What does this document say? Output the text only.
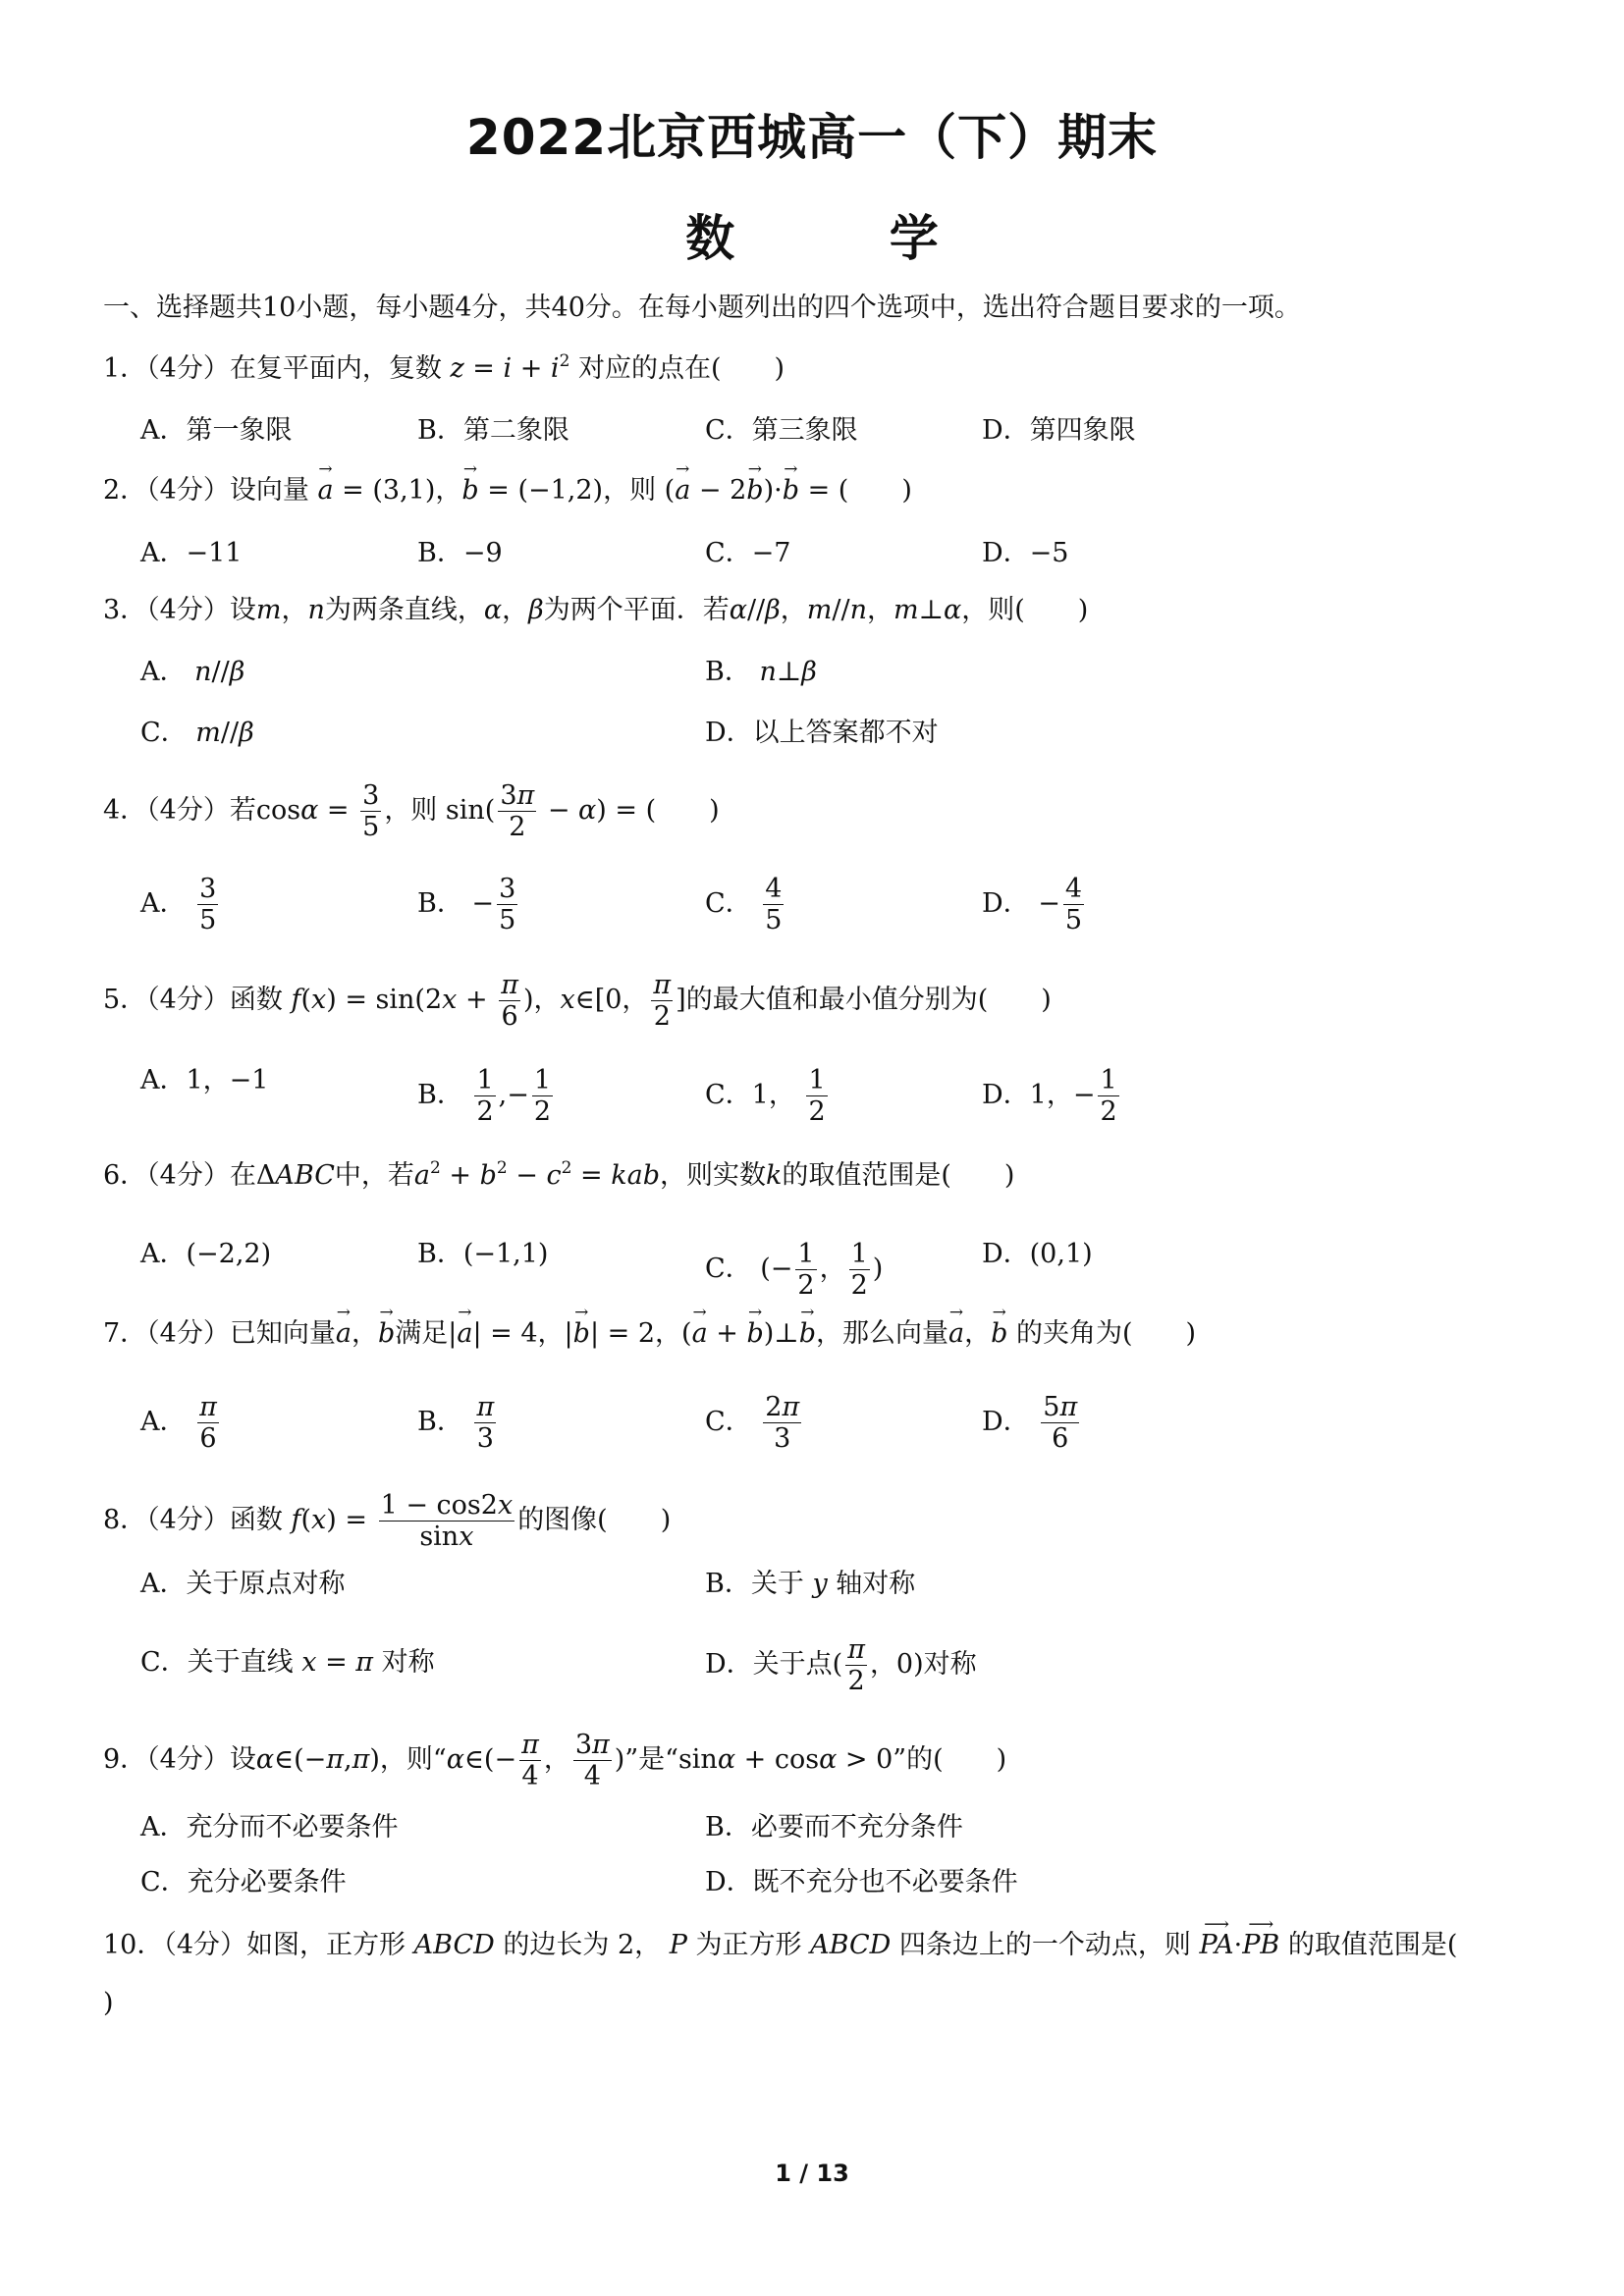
2022北京西城高一（下）期末
数 学
一、选择题共10小题，每小题4分，共40分。在每小题列出的四个选项中，选出符合题目要求的一项。
1．（4分）在复平面内，复数 $z = i + i^2$ 对应的点在(　　)
A．第一象限	B．第二象限	C．第三象限	D．第四象限
2．（4分）设向量 → a = (3,1)，→ b = (−1,2)，则 (→ a − 2→ b)·→ b = (　　)
A．−11	B．−9	C．−7	D．−5
3．（4分）设m，n为两条直线，α，β为两个平面．若α//β，m//n，m⊥α，则(　　)
A． n//β	B． n⊥β
C． m//β	D．以上答案都不对
4．（4分）若$\cos\alpha = \frac{3}{5}$ ，则 $\sin( \frac{3\pi}{2} - \alpha)$ = (　　)
A． $\frac{3}{5}$	B． − $\frac{3}{5}$	C． $\frac{4}{5}$	D． − $\frac{4}{5}$
5．（4分）函数 $f(x) = \sin(2x + \frac{\pi}{6}$ )，x∈[0， $\frac{\pi}{2}$ ]的最大值和最小值分别为(　　)
A．1，−1	B． $\frac{1}{2}$ ,− $\frac{1}{2}$	C．1， $\frac{1}{2}$	D．1，− $\frac{1}{2}$
6．（4分）在ΔABC中，若$a^2 + b^2 - c^2$ = kab，则实数k的取值范围是(　　)
A．(−2,2)	B．(−1,1)	C． (− $\frac{1}{2}$ ， $\frac{1}{2}$ )	D．(0,1)
7．（4分）已知向量→ a，→ b满足|→ a| = 4，|→ b| = 2，(→ a + → b)⊥→ b，那么向量→ a，→ b 的夹角为(　　)
A． $\frac{\pi}{6}$	B． $\frac{\pi}{3}$	C． $\frac{2\pi}{3}$	D． $\frac{5\pi}{6}$
8．（4分）函数 $f(x) = \frac{1 - \cos 2x}{\sin x}$ 的图像(　　)
A．关于原点对称	B．关于 y 轴对称
C．关于直线 x = π 对称	D．关于点( $\frac{\pi}{2}$ ，0)对称
9．（4分）设α∈(−π,π)，则“α∈(− $\frac{\pi}{4}$ ， $\frac{3\pi}{4}$ )”是“sinα + cosα > 0”的(　　)
A．充分而不必要条件	B．必要而不充分条件
C．充分必要条件	D．既不充分也不必要条件
10．（4分）如图，正方形 ABCD 的边长为 2， P 为正方形 ABCD 四条边上的一个动点，则 ⟶ PA·⟶ PB 的取值范围是(
)
1 / 13
